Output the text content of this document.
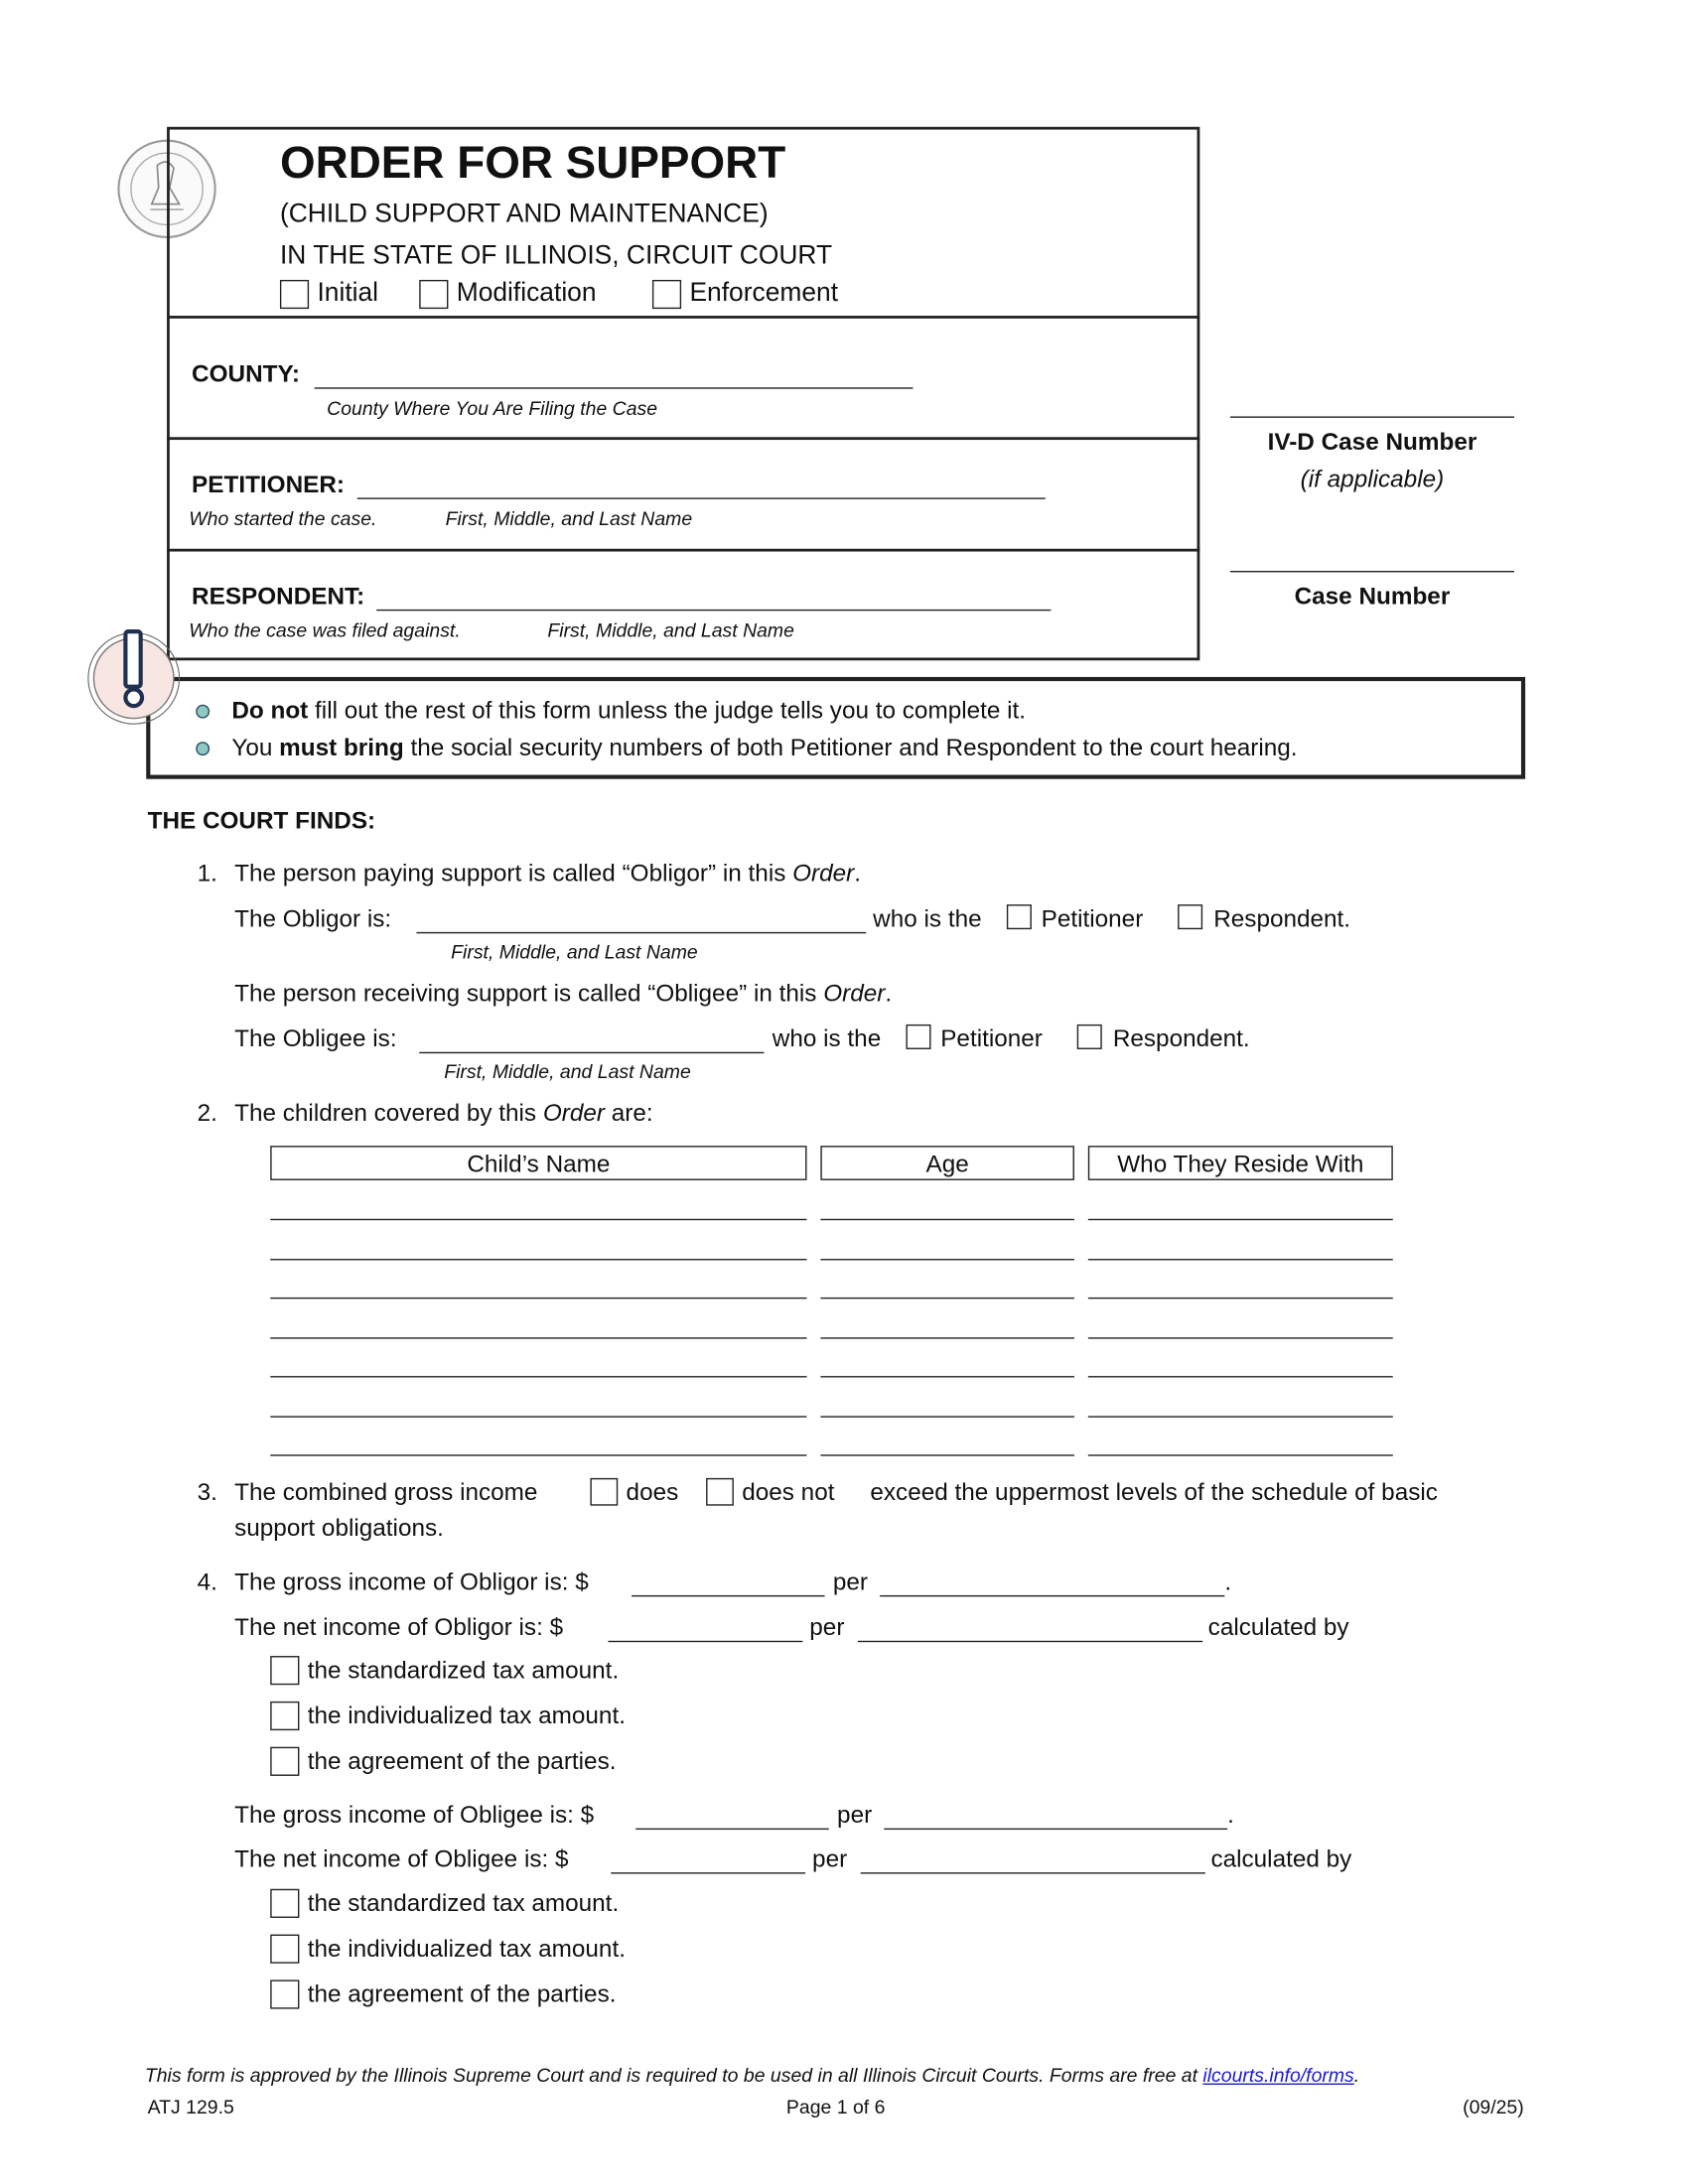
ORDER FOR SUPPORT
(CHILD SUPPORT AND MAINTENANCE)
IN THE STATE OF ILLINOIS, CIRCUIT COURT
Initial	Modification	Enforcement
COUNTY:
County Where You Are Filing the Case
PETITIONER:
Who started the case.	First, Middle, and Last Name
RESPONDENT:
Who the case was filed against.	First, Middle, and Last Name
IV-D Case Number
(if applicable)
Case Number
Do not fill out the rest of this form unless the judge tells you to complete it.
You must bring the social security numbers of both Petitioner and Respondent to the court hearing.
THE COURT FINDS:
1. The person paying support is called “Obligor” in this Order.
The Obligor is:	who is the	Petitioner	Respondent.
First, Middle, and Last Name
The person receiving support is called “Obligee” in this Order.
The Obligee is:	who is the	Petitioner	Respondent.
First, Middle, and Last Name
2. The children covered by this Order are:
Child’s Name	Age	Who They Reside With
3. The combined gross income	does	does not exceed the uppermost levels of the schedule of basic
support obligations.
4. The gross income of Obligor is: $	per	.
The net income of Obligor is: $	per	calculated by
the standardized tax amount.
the individualized tax amount.
the agreement of the parties.
The gross income of Obligee is: $	per	.
The net income of Obligee is: $	per	calculated by
the standardized tax amount.
the individualized tax amount.
the agreement of the parties.
This form is approved by the Illinois Supreme Court and is required to be used in all Illinois Circuit Courts. Forms are free at ilcourts.info/forms.
ATJ 129.5	Page 1 of 6	(09/25)
